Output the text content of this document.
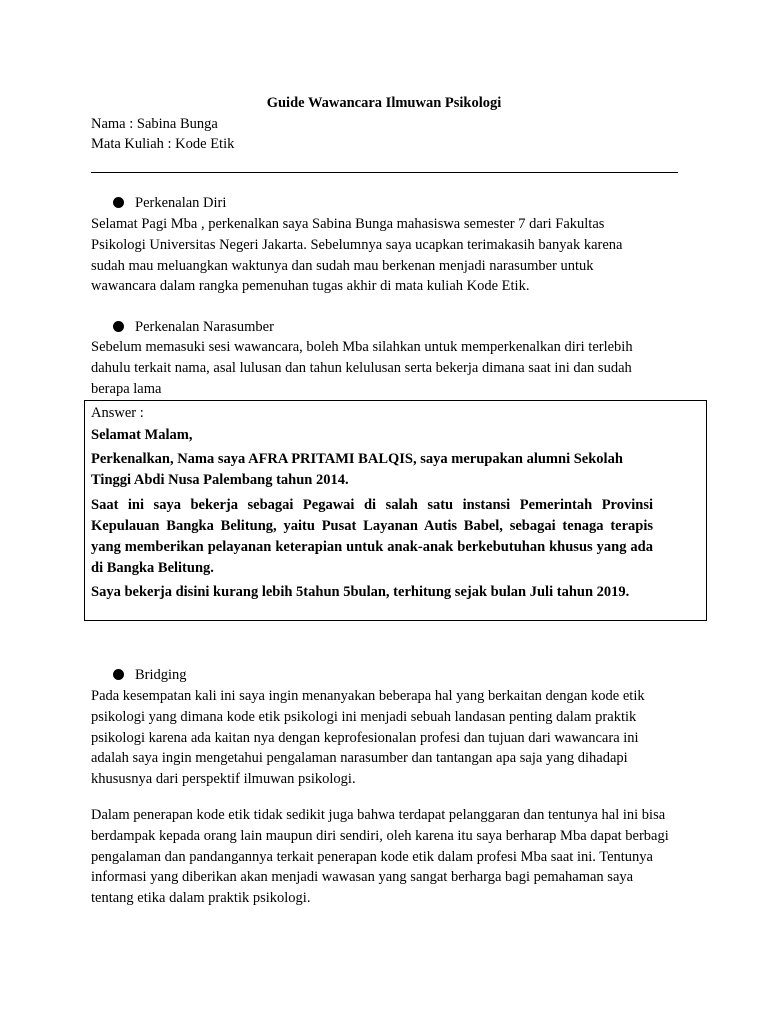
Guide Wawancara Ilmuwan Psikologi
Nama : Sabina Bunga
Mata Kuliah : Kode Etik
Perkenalan Diri

Selamat Pagi Mba , perkenalkan saya Sabina Bunga mahasiswa semester 7 dari Fakultas Psikologi Universitas Negeri Jakarta. Sebelumnya saya ucapkan terimakasih banyak karena sudah mau meluangkan waktunya dan sudah mau berkenan menjadi narasumber untuk wawancara dalam rangka pemenuhan tugas akhir di mata kuliah Kode Etik.

Perkenalan Narasumber

Sebelum memasuki sesi wawancara, boleh Mba silahkan untuk memperkenalkan diri terlebih dahulu terkait nama, asal lulusan dan tahun kelulusan serta bekerja dimana saat ini dan sudah berapa lama

Answer :

Selamat Malam,

Perkenalkan, Nama saya AFRA PRITAMI BALQIS, saya merupakan alumni Sekolah Tinggi Abdi Nusa Palembang tahun 2014.

Saat ini saya bekerja sebagai Pegawai di salah satu instansi Pemerintah Provinsi Kepulauan Bangka Belitung, yaitu Pusat Layanan Autis Babel, sebagai tenaga terapis yang memberikan pelayanan keterapian untuk anak-anak berkebutuhan khusus yang ada di Bangka Belitung.

Saya bekerja disini kurang lebih 5tahun 5bulan, terhitung sejak bulan Juli tahun 2019.

Bridging

Pada kesempatan kali ini saya ingin menanyakan beberapa hal yang berkaitan dengan kode etik psikologi yang dimana kode etik psikologi ini menjadi sebuah landasan penting dalam praktik psikologi karena ada kaitan nya dengan keprofesionalan profesi dan tujuan dari wawancara ini adalah saya ingin mengetahui pengalaman narasumber dan tantangan apa saja yang dihadapi khususnya dari perspektif ilmuwan psikologi.

Dalam penerapan kode etik tidak sedikit juga bahwa terdapat pelanggaran dan tentunya hal ini bisa berdampak kepada orang lain maupun diri sendiri, oleh karena itu saya berharap Mba dapat berbagi pengalaman dan pandangannya terkait penerapan kode etik dalam profesi Mba saat ini. Tentunya informasi yang diberikan akan menjadi wawasan yang sangat berharga bagi pemahaman saya tentang etika dalam praktik psikologi.
